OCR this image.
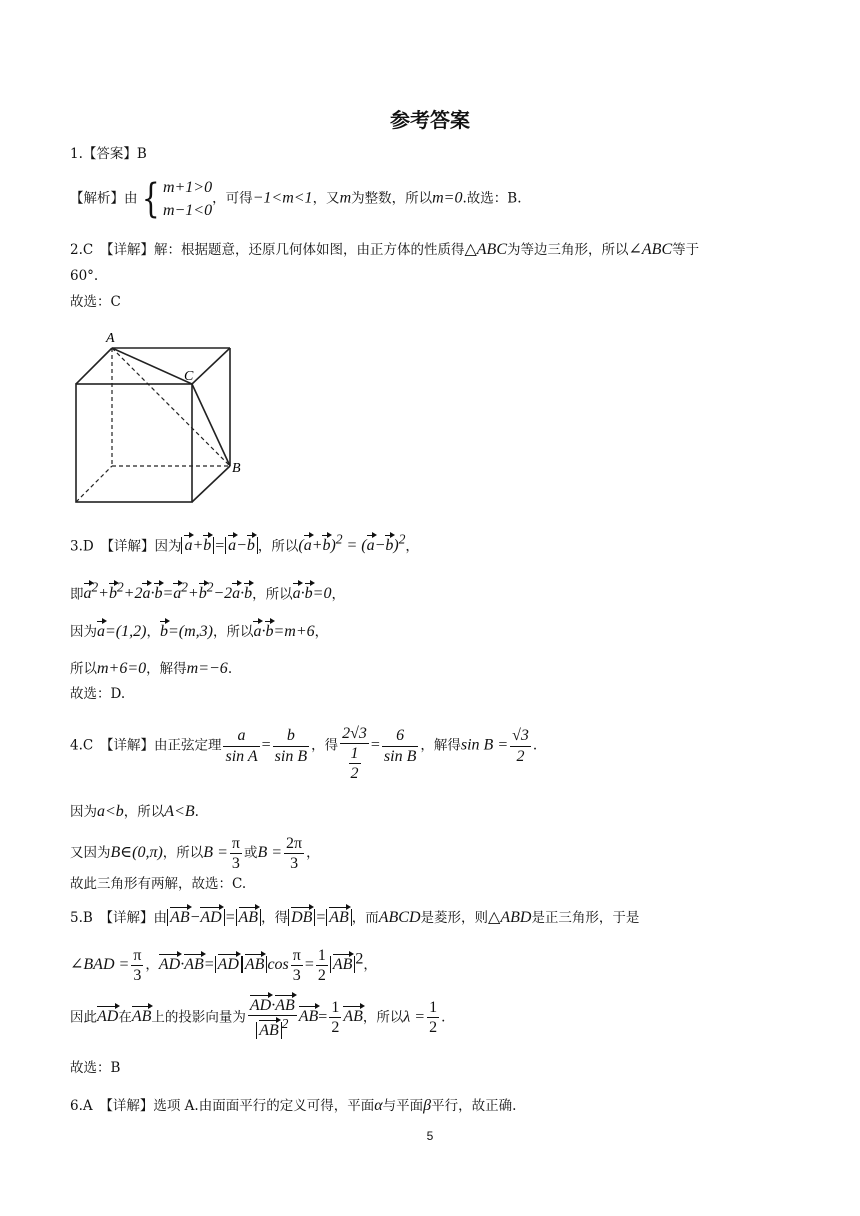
参考答案
1.【答案】B
【解析】由{ m+1>0
m−1<0
，可得−1<m<1，又m为整数，所以m=0.故选：B.
2.C　【详解】解：根据题意，还原几何体如图，由正方体的性质得△ABC为等边三角形，所以∠ABC等于
60°.
故选：C
A
C
B
3.D　【详解】因为 a+b = a−b ，所以$(a+b)^2 = (a-b)^2$，
即$a^2+b^2+2a\cdot b=a^2+b^2-2a\cdot b$，所以a·b=0，
因为a=(1,2)，b=(m,3)，所以a·b=m+6，
所以m+6=0，解得m=−6.
故选：D.
4.C　【详解】由正弦定理 $\frac{a}{\text{sin A}} = \frac{b}{\text{sin B}}$ ，得 $\frac{2√3}{\frac{1}{2}} = \frac{6}{\text{sin B}}$ ，解得$\sin B = \frac{√3}{2}$ .
因为a<b，所以A<B.
又因为B∈(0,π)，所以$B = \frac{\pi}{3}$ 或$B = \frac{2\pi}{3}$ ，
故此三角形有两解，故选：C.
5.B　【详解】由 AB−AD = AB ，得 DB = AB ，而ABCD是菱形，则△ABD是正三角形，于是
∠BAD = $\frac{\pi}{3}$ ，AD·AB= AD AB $\cos \frac{\pi}{3} = \frac{1}{2}$ AB $^2$，
因此AD在AB上的投影向量为 $\frac{AD\cdot AB}{AB ^2} AB= \frac{1}{2}$ AB，所以$\lambda = \frac{1}{2}$ .
故选：B
6.A　【详解】选项 A.由面面平行的定义可得，平面α与平面β平行，故正确.
5
